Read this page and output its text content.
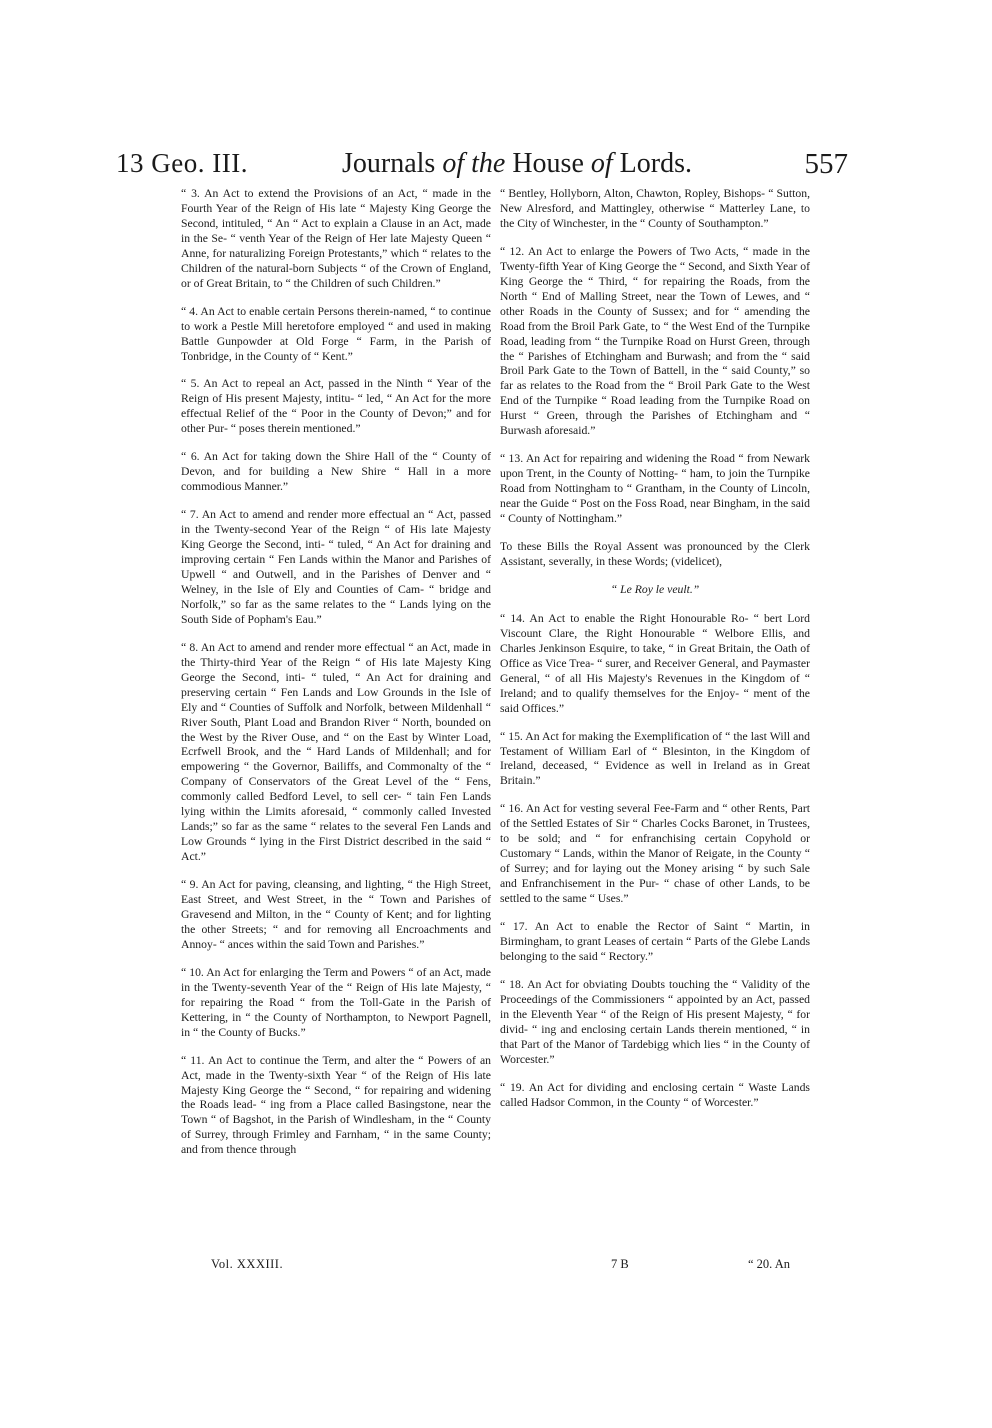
13 Geo. III.	Journals of the House of Lords.	557

“ 3. An Act to extend the Provisions of an Act, “ made in the Fourth Year of the Reign of His late “ Majesty King George the Second, intituled, “ An “ Act to explain a Clause in an Act, made in the Se- “ venth Year of the Reign of Her late Majesty Queen “ Anne, for naturalizing Foreign Protestants,” which “ relates to the Children of the natural-born Subjects “ of the Crown of England, or of Great Britain, to “ the Children of such Children.”

“ 4. An Act to enable certain Persons therein-named, “ to continue to work a Pestle Mill heretofore employed “ and used in making Battle Gunpowder at Old Forge “ Farm, in the Parish of Tonbridge, in the County of “ Kent.”

“ 5. An Act to repeal an Act, passed in the Ninth “ Year of the Reign of His present Majesty, intitu- “ led, “ An Act for the more effectual Relief of the “ Poor in the County of Devon;” and for other Pur- “ poses therein mentioned.”

“ 6. An Act for taking down the Shire Hall of the “ County of Devon, and for building a New Shire “ Hall in a more commodious Manner.”

“ 7. An Act to amend and render more effectual an “ Act, passed in the Twenty-second Year of the Reign “ of His late Majesty King George the Second, inti- “ tuled, “ An Act for draining and improving certain “ Fen Lands within the Manor and Parishes of Upwell “ and Outwell, and in the Parishes of Denver and “ Welney, in the Isle of Ely and Counties of Cam- “ bridge and Norfolk,” so far as the same relates to the “ Lands lying on the South Side of Popham's Eau.”

“ 8. An Act to amend and render more effectual “ an Act, made in the Thirty-third Year of the Reign “ of His late Majesty King George the Second, inti- “ tuled, “ An Act for draining and preserving certain “ Fen Lands and Low Grounds in the Isle of Ely and “ Counties of Suffolk and Norfolk, between Mildenhall “ River South, Plant Load and Brandon River “ North, bounded on the West by the River Ouse, and “ on the East by Winter Load, Ecrfwell Brook, and the “ Hard Lands of Mildenhall; and for empowering “ the Governor, Bailiffs, and Commonalty of the “ Company of Conservators of the Great Level of the “ Fens, commonly called Bedford Level, to sell cer- “ tain Fen Lands lying within the Limits aforesaid, “ commonly called Invested Lands;” so far as the same “ relates to the several Fen Lands and Low Grounds “ lying in the First District described in the said “ Act.”

“ 9. An Act for paving, cleansing, and lighting, “ the High Street, East Street, and West Street, in the “ Town and Parishes of Gravesend and Milton, in the “ County of Kent; and for lighting the other Streets; “ and for removing all Encroachments and Annoy- “ ances within the said Town and Parishes.”

“ 10. An Act for enlarging the Term and Powers “ of an Act, made in the Twenty-seventh Year of the “ Reign of His late Majesty, “ for repairing the Road “ from the Toll-Gate in the Parish of Kettering, in “ the County of Northampton, to Newport Pagnell, in “ the County of Bucks.”

“ 11. An Act to continue the Term, and alter the “ Powers of an Act, made in the Twenty-sixth Year “ of the Reign of His late Majesty King George the “ Second, “ for repairing and widening the Roads lead- “ ing from a Place called Basingstone, near the Town “ of Bagshot, in the Parish of Windlesham, in the “ County of Surrey, through Frimley and Farnham, “ in the same County; and from thence through

“ Bentley, Hollyborn, Alton, Chawton, Ropley, Bishops- “ Sutton, New Alresford, and Mattingley, otherwise “ Matterley Lane, to the City of Winchester, in the “ County of Southampton.”

“ 12. An Act to enlarge the Powers of Two Acts, “ made in the Twenty-fifth Year of King George the “ Second, and Sixth Year of King George the “ Third, “ for repairing the Roads, from the North “ End of Malling Street, near the Town of Lewes, and “ other Roads in the County of Sussex; and for “ amending the Road from the Broil Park Gate, to “ the West End of the Turnpike Road, leading from “ the Turnpike Road on Hurst Green, through the “ Parishes of Etchingham and Burwash; and from the “ said Broil Park Gate to the Town of Battell, in the “ said County,” so far as relates to the Road from the “ Broil Park Gate to the West End of the Turnpike “ Road leading from the Turnpike Road on Hurst “ Green, through the Parishes of Etchingham and “ Burwash aforesaid.”

“ 13. An Act for repairing and widening the Road “ from Newark upon Trent, in the County of Notting- “ ham, to join the Turnpike Road from Nottingham to “ Grantham, in the County of Lincoln, near the Guide “ Post on the Foss Road, near Bingham, in the said “ County of Nottingham.”

To these Bills the Royal Assent was pronounced by the Clerk Assistant, severally, in these Words; (videlicet),

“ Le Roy le veult.”

“ 14. An Act to enable the Right Honourable Ro- “ bert Lord Viscount Clare, the Right Honourable “ Welbore Ellis, and Charles Jenkinson Esquire, to take, “ in Great Britain, the Oath of Office as Vice Trea- “ surer, and Receiver General, and Paymaster General, “ of all His Majesty's Revenues in the Kingdom of “ Ireland; and to qualify themselves for the Enjoy- “ ment of the said Offices.”

“ 15. An Act for making the Exemplification of “ the last Will and Testament of William Earl of “ Blesinton, in the Kingdom of Ireland, deceased, “ Evidence as well in Ireland as in Great Britain.”

“ 16. An Act for vesting several Fee-Farm and “ other Rents, Part of the Settled Estates of Sir “ Charles Cocks Baronet, in Trustees, to be sold; and “ for enfranchising certain Copyhold or Customary “ Lands, within the Manor of Reigate, in the County “ of Surrey; and for laying out the Money arising “ by such Sale and Enfranchisement in the Pur- “ chase of other Lands, to be settled to the same “ Uses.”

“ 17. An Act to enable the Rector of Saint “ Martin, in Birmingham, to grant Leases of certain “ Parts of the Glebe Lands belonging to the said “ Rectory.”

“ 18. An Act for obviating Doubts touching the “ Validity of the Proceedings of the Commissioners “ appointed by an Act, passed in the Eleventh Year “ of the Reign of His present Majesty, “ for divid- “ ing and enclosing certain Lands therein mentioned, “ in that Part of the Manor of Tardebigg which lies “ in the County of Worcester.”

“ 19. An Act for dividing and enclosing certain “ Waste Lands called Hadsor Common, in the County “ of Worcester.”

Vol. XXXIII.	7 B	“ 20. An
